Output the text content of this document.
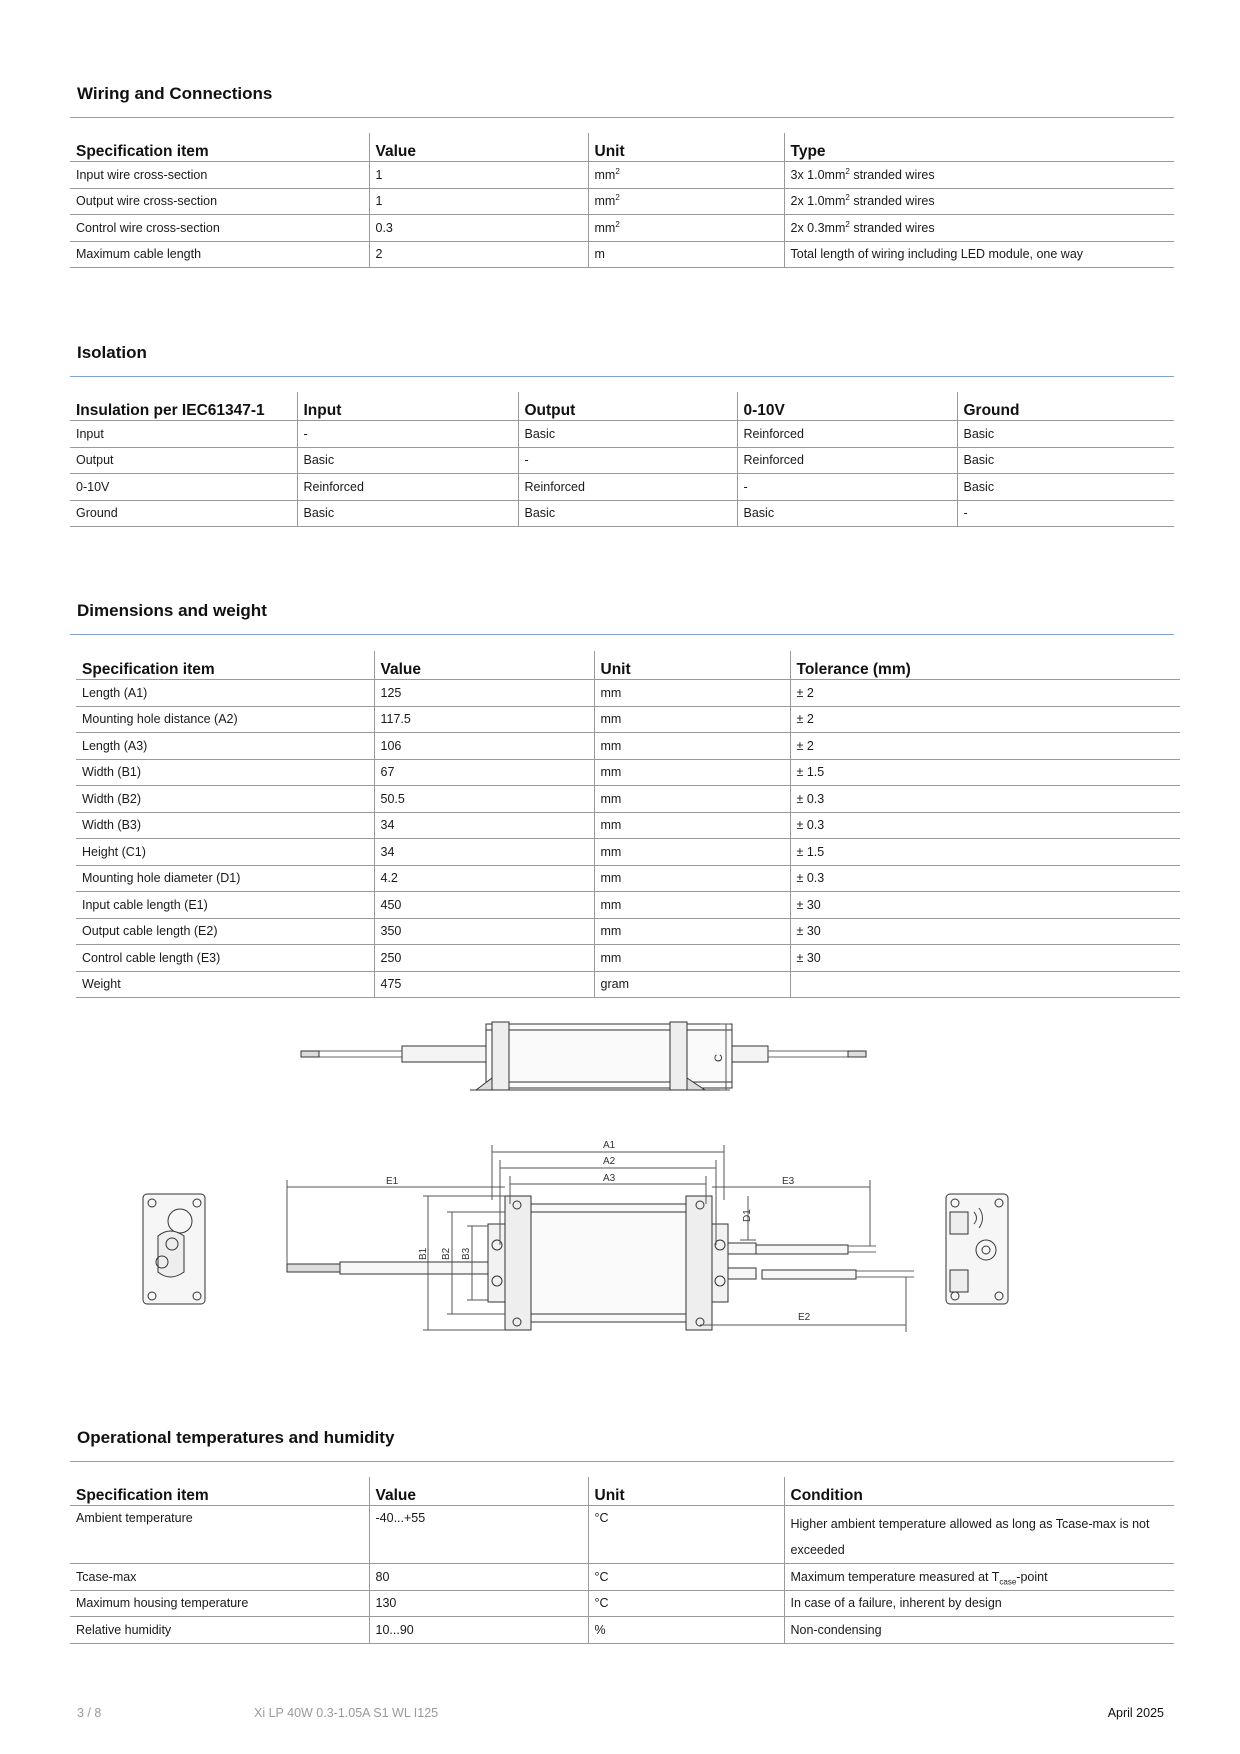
Wiring and Connections
Specification item	Value	Unit	Type
Input wire cross-section	1	$mm^2$	3x $1.0mm^2$ stranded wires
Output wire cross-section	1	$mm^2$	2x $1.0mm^2$ stranded wires
Control wire cross-section	0.3	$mm^2$	2x $0.3mm^2$ stranded wires
Maximum cable length	2	m	Total length of wiring including LED module, one way
Isolation
Insulation per IEC61347-1	Input	Output	0-10V	Ground
Input	-	Basic	Reinforced	Basic
Output	Basic	-	Reinforced	Basic
0-10V	Reinforced	Reinforced	-	Basic
Ground	Basic	Basic	Basic	-
Dimensions and weight
Specification item	Value	Unit	Tolerance (mm)
Length (A1)	125	mm	± 2
Mounting hole distance (A2)	117.5	mm	± 2
Length (A3)	106	mm	± 2
Width (B1)	67	mm	± 1.5
Width (B2)	50.5	mm	± 0.3
Width (B3)	34	mm	± 0.3
Height (C1)	34	mm	± 1.5
Mounting hole diameter (D1)	4.2	mm	± 0.3
Input cable length (E1)	450	mm	± 30
Output cable length (E2)	350	mm	± 30
Control cable length (E3)	250	mm	± 30
Weight	475	gram	
C
A1
A2
A3
E1	E3
E2
B1 B2 B3
D1
Operational temperatures and humidity
Specification item	Value	Unit	Condition
Ambient temperature	-40...+55	°C	Higher ambient temperature allowed as long as Tcase-max is not exceeded
Tcase-max	80	°C	Maximum temperature measured at $T_{case}$-point
Maximum housing temperature	130	°C	In case of a failure, inherent by design
Relative humidity	10...90	%	Non-condensing
3 / 8	Xi LP 40W 0.3-1.05A S1 WL I125	April 2025
